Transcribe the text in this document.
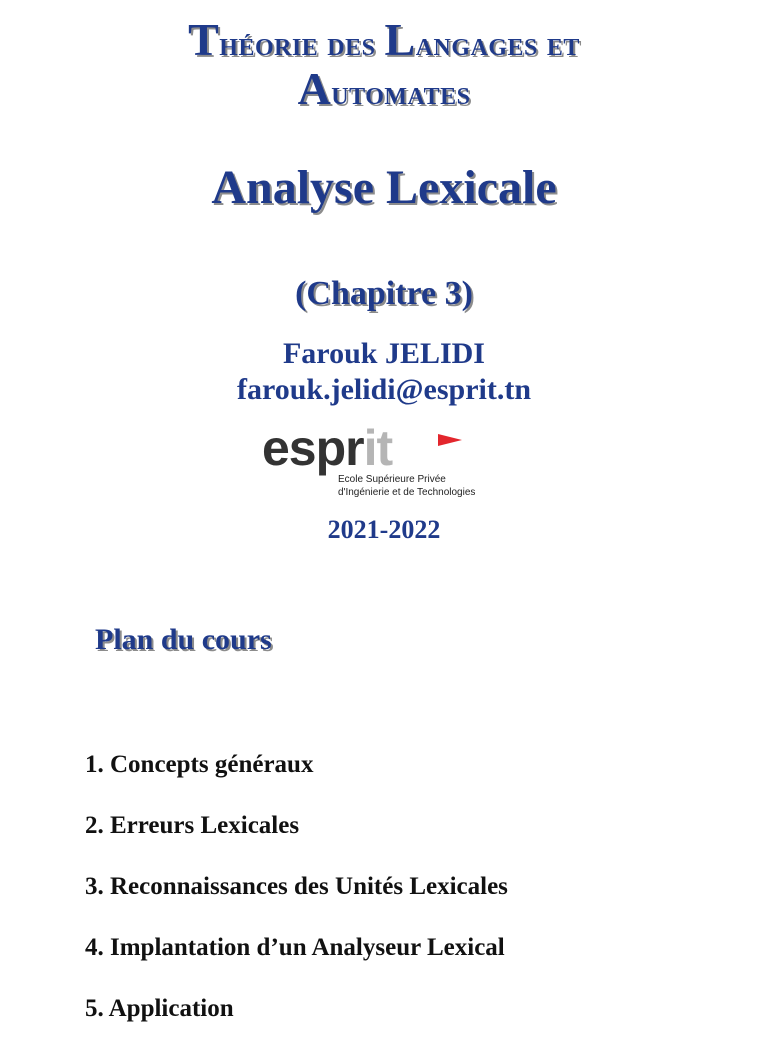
Théorie des Langages et
Automates
Analyse Lexicale
(Chapitre 3)
Farouk JELIDI
farouk.jelidi@esprit.tn
esprit
Ecole Supérieure Privée
d'Ingénierie et de Technologies
2021-2022
Plan du cours
1. Concepts généraux
2. Erreurs Lexicales
3. Reconnaissances des Unités Lexicales
4. Implantation d’un Analyseur Lexical
5. Application
